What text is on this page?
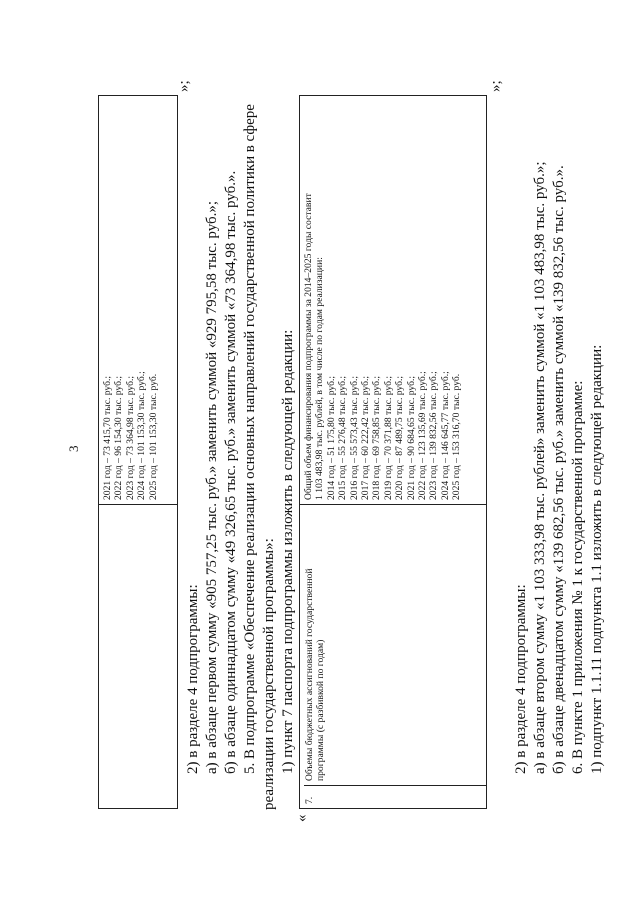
3 2021 год – 73 415,70 тыс. руб.; 2022 год – 96 154,30 тыс. руб.; 2023 год – 73 364,98 тыс. руб.; 2024 год – 101 153,30 тыс. руб.; 2025 год – 101 153,30 тыс. руб.
»;
2) в разделе 4 подпрограммы: а) в абзаце первом сумму «905 757,25 тыс. руб.» заменить суммой «929 795,58 тыс. руб.»; б) в абзаце одиннадцатом сумму «49 326,65 тыс. руб.» заменить суммой «73 364,98 тыс. руб.». 5.
В
подпрограмме
«Обеспечение
реализации
основных
направлений
государственной
политики
в
сфере
реализации государственной программы»: 1) пункт 7 паспорта подпрограммы изложить в следующей редакции:
«
7.
Объемы бюджетных ассигнований государственной программы (с разбивкой по годам)
Общий объем финансирования подпрограммы за 2014–2025 годы составит 1 103 483,98 тыс. рублей, в том числе по годам реализации: 2014 год – 51 175,80 тыс. руб.; 2015 год – 55 276,48 тыс. руб.; 2016 год – 55 573,43 тыс. руб.; 2017 год – 60 222,42 тыс. руб.; 2018 год – 69 758,85 тыс. руб.; 2019 год – 70 371,88 тыс. руб.; 2020 год – 87 489,75 тыс. руб.; 2021 год – 90 684,65 тыс. руб.; 2022 год – 123 135,69 тыс. руб.; 2023 год – 139 832,56 тыс. руб.; 2024 год – 146 645,77 тыс. руб.; 2025 год – 153 316,70 тыс. руб.
»;
2) в разделе 4 подпрограммы: а) в абзаце втором сумму «1 103 333,98 тыс. рублей» заменить суммой «1 103 483,98 тыс. руб.»; б) в абзаце двенадцатом сумму «139 682,56 тыс. руб.» заменить суммой «139 832,56 тыс. руб.». 6. В пункте 1 приложения № 1 к государственной программе: 1) подпункт 1.1.11 подпункта 1.1 изложить в следующей редакции:
